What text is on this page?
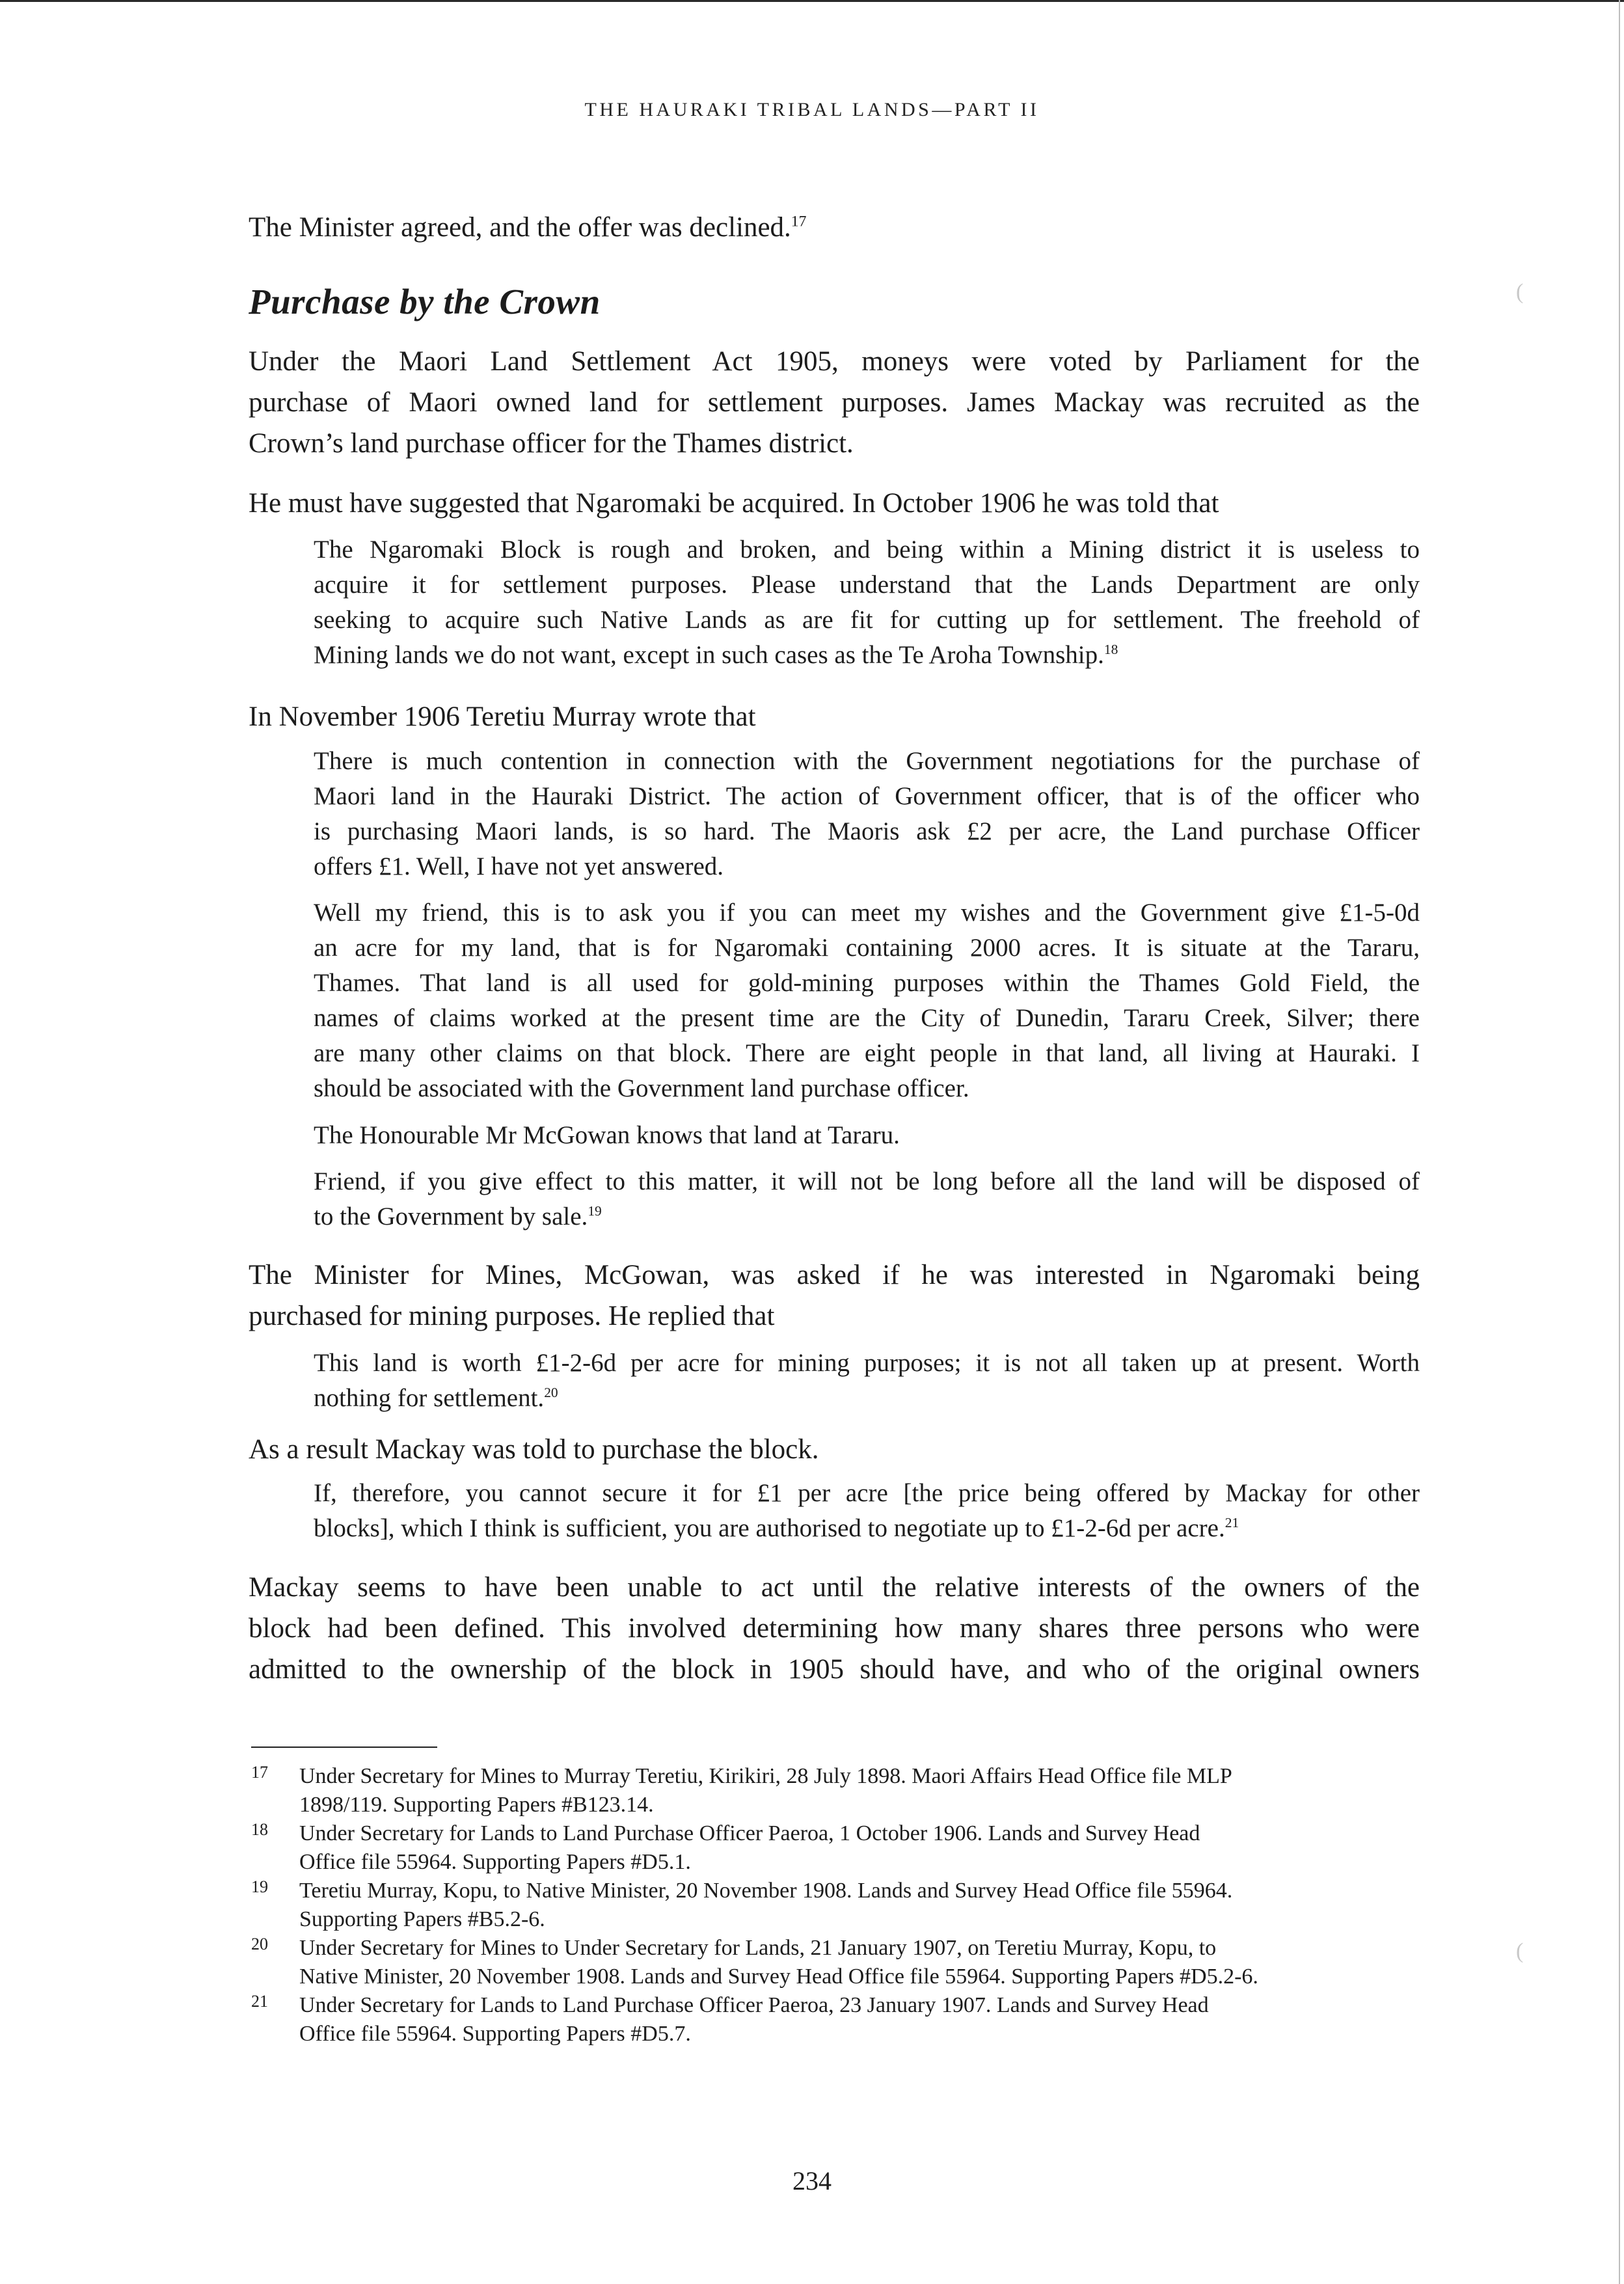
THE HAURAKI TRIBAL LANDS—PART II

The Minister agreed, and the offer was declined.$^{17}$

Purchase by the Crown

Under the Maori Land Settlement Act 1905, moneys were voted by Parliament for the
purchase of Maori owned land for settlement purposes. James Mackay was recruited as the
Crown’s land purchase officer for the Thames district.

He must have suggested that Ngaromaki be acquired. In October 1906 he was told that

The Ngaromaki Block is rough and broken, and being within a Mining district it is useless to
acquire it for settlement purposes. Please understand that the Lands Department are only
seeking to acquire such Native Lands as are fit for cutting up for settlement. The freehold of
Mining lands we do not want, except in such cases as the Te Aroha Township.$^{18}$

In November 1906 Teretiu Murray wrote that

There is much contention in connection with the Government negotiations for the purchase of
Maori land in the Hauraki District. The action of Government officer, that is of the officer who
is purchasing Maori lands, is so hard. The Maoris ask £2 per acre, the Land purchase Officer
offers £1. Well, I have not yet answered.
Well my friend, this is to ask you if you can meet my wishes and the Government give £1-5-0d
an acre for my land, that is for Ngaromaki containing 2000 acres. It is situate at the Tararu,
Thames. That land is all used for gold-mining purposes within the Thames Gold Field, the
names of claims worked at the present time are the City of Dunedin, Tararu Creek, Silver; there
are many other claims on that block. There are eight people in that land, all living at Hauraki. I
should be associated with the Government land purchase officer.
The Honourable Mr McGowan knows that land at Tararu.
Friend, if you give effect to this matter, it will not be long before all the land will be disposed of
to the Government by sale.$^{19}$

The Minister for Mines, McGowan, was asked if he was interested in Ngaromaki being
purchased for mining purposes. He replied that

This land is worth £1-2-6d per acre for mining purposes; it is not all taken up at present. Worth
nothing for settlement.$^{20}$

As a result Mackay was told to purchase the block.

If, therefore, you cannot secure it for £1 per acre [the price being offered by Mackay for other
blocks], which I think is sufficient, you are authorised to negotiate up to £1-2-6d per acre.$^{21}$

Mackay seems to have been unable to act until the relative interests of the owners of the
block had been defined. This involved determining how many shares three persons who were
admitted to the ownership of the block in 1905 should have, and who of the original owners

17 Under Secretary for Mines to Murray Teretiu, Kirikiri, 28 July 1898. Maori Affairs Head Office file MLP
1898/119. Supporting Papers #B123.14.
18 Under Secretary for Lands to Land Purchase Officer Paeroa, 1 October 1906. Lands and Survey Head
Office file 55964. Supporting Papers #D5.1.
19 Teretiu Murray, Kopu, to Native Minister, 20 November 1908. Lands and Survey Head Office file 55964.
Supporting Papers #B5.2-6.
20 Under Secretary for Mines to Under Secretary for Lands, 21 January 1907, on Teretiu Murray, Kopu, to
Native Minister, 20 November 1908. Lands and Survey Head Office file 55964. Supporting Papers #D5.2-6.
21 Under Secretary for Lands to Land Purchase Officer Paeroa, 23 January 1907. Lands and Survey Head
Office file 55964. Supporting Papers #D5.7.
234
(
(
